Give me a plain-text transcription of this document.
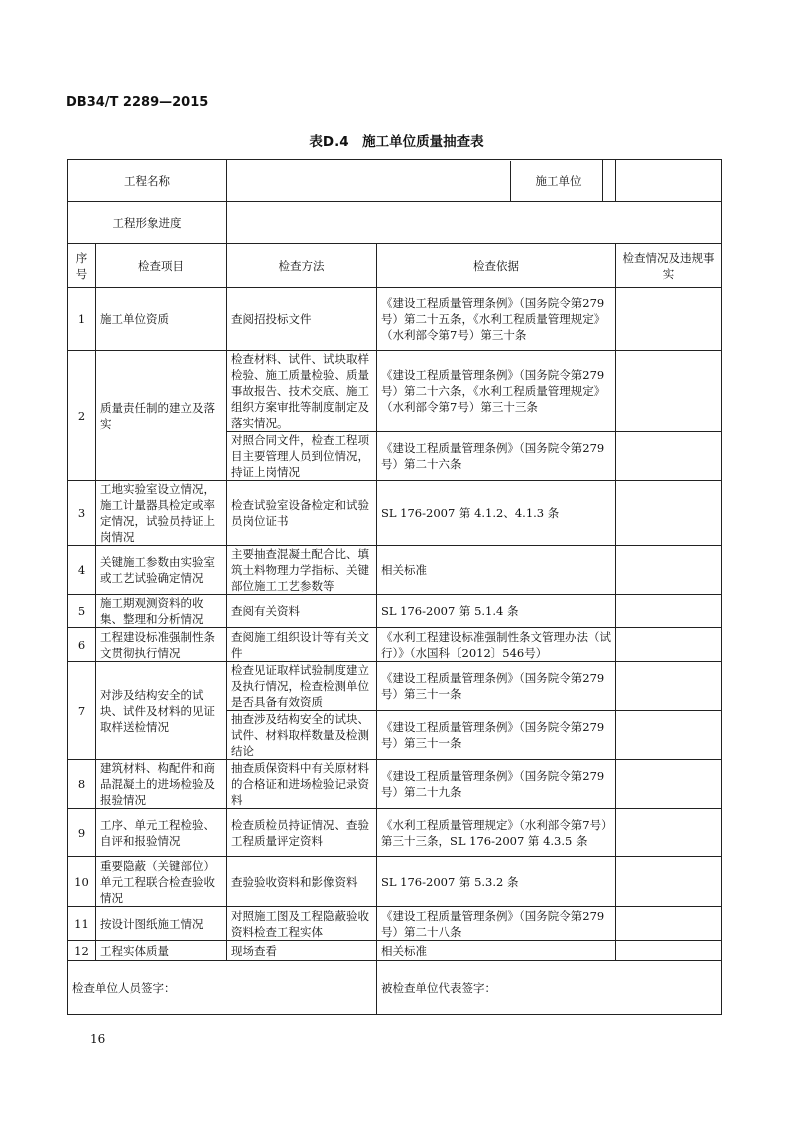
DB34/T 2289—2015
表D.4　施工单位质量抽查表
工程名称		施工单位			

工程形象进度					
序号	检查项目	检查方法	检查依据		检查情况及违规事实
1	施工单位资质	查阅招投标文件	《建设工程质量管理条例》（国务院令第279号）第二十五条，《水利工程质量管理规定》（水利部令第7号）第三十条		
2	质量责任制的建立及落实	检查材料、试件、试块取样检验、施工质量检验、质量事故报告、技术交底、施工组织方案审批等制度制定及落实情况。	《建设工程质量管理条例》（国务院令第279号）第二十六条，《水利工程质量管理规定》（水利部令第7号）第三十三条		
		对照合同文件，检查工程项目主要管理人员到位情况，持证上岗情况	《建设工程质量管理条例》（国务院令第279号）第二十六条		
3	工地实验室设立情况，施工计量器具检定或率定情况，试验员持证上岗情况	检查试验室设备检定和试验员岗位证书	SL 176-2007 第 4.1.2、4.1.3 条		
4	关键施工参数由实验室或工艺试验确定情况	主要抽查混凝土配合比、填筑土料物理力学指标、关键部位施工工艺参数等	相关标准		
5	施工期观测资料的收集、整理和分析情况	查阅有关资料	SL 176-2007 第 5.1.4 条		
6	工程建设标准强制性条文贯彻执行情况	查阅施工组织设计等有关文件	《水利工程建设标准强制性条文管理办法（试行）》（水国科〔2012〕546号）		
7	对涉及结构安全的试块、试件及材料的见证取样送检情况	检查见证取样试验制度建立及执行情况，检查检测单位是否具备有效资质	《建设工程质量管理条例》（国务院令第279号）第三十一条		
		抽查涉及结构安全的试块、试件、材料取样数量及检测结论	《建设工程质量管理条例》（国务院令第279号）第三十一条		
8	建筑材料、构配件和商品混凝土的进场检验及报验情况	抽查质保资料中有关原材料的合格证和进场检验记录资料	《建设工程质量管理条例》（国务院令第279号）第二十九条		
9	工序、单元工程检验、自评和报验情况	检查质检员持证情况、查验工程质量评定资料	《水利工程质量管理规定》（水利部令第7号）第三十三条，SL 176-2007 第 4.3.5 条		
10	重要隐蔽（关键部位）单元工程联合检查验收情况	查验验收资料和影像资料	SL 176-2007 第 5.3.2 条		
11	按设计图纸施工情况	对照施工图及工程隐蔽验收资料检查工程实体	《建设工程质量管理条例》（国务院令第279号）第二十八条		
12	工程实体质量	现场查看	相关标准		
检查单位人员签字：			被检查单位代表签字：		
16
